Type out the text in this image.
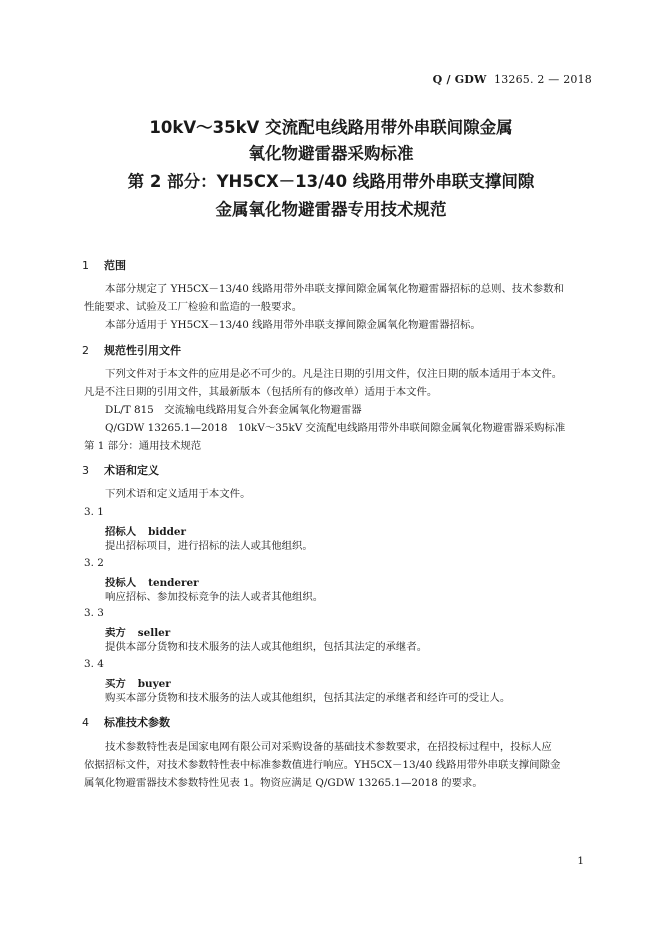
Q / GDW 13265. 2 — 2018
10kV～35kV 交流配电线路用带外串联间隙金属
氧化物避雷器采购标准
第 2 部分：YH5CX－13/40 线路用带外串联支撑间隙
金属氧化物避雷器专用技术规范
1 范围
本部分规定了 YH5CX－13/40 线路用带外串联支撑间隙金属氧化物避雷器招标的总则、技术参数和
性能要求、试验及工厂检验和监造的一般要求。
本部分适用于 YH5CX－13/40 线路用带外串联支撑间隙金属氧化物避雷器招标。
2 规范性引用文件
下列文件对于本文件的应用是必不可少的。凡是注日期的引用文件，仅注日期的版本适用于本文件。
凡是不注日期的引用文件，其最新版本（包括所有的修改单）适用于本文件。
DL/T 815　交流输电线路用复合外套金属氧化物避雷器
Q/GDW 13265.1—2018　10kV～35kV 交流配电线路用带外串联间隙金属氧化物避雷器采购标准
第 1 部分：通用技术规范
3 术语和定义
下列术语和定义适用于本文件。
3. 1
招标人 bidder
提出招标项目，进行招标的法人或其他组织。
3. 2
投标人 tenderer
响应招标、参加投标竞争的法人或者其他组织。
3. 3
卖方 seller
提供本部分货物和技术服务的法人或其他组织，包括其法定的承继者。
3. 4
买方 buyer
购买本部分货物和技术服务的法人或其他组织，包括其法定的承继者和经许可的受让人。
4 标准技术参数
技术参数特性表是国家电网有限公司对采购设备的基础技术参数要求，在招投标过程中，投标人应
依据招标文件，对技术参数特性表中标准参数值进行响应。YH5CX－13/40 线路用带外串联支撑间隙金
属氧化物避雷器技术参数特性见表 1。物资应满足 Q/GDW 13265.1—2018 的要求。
1
